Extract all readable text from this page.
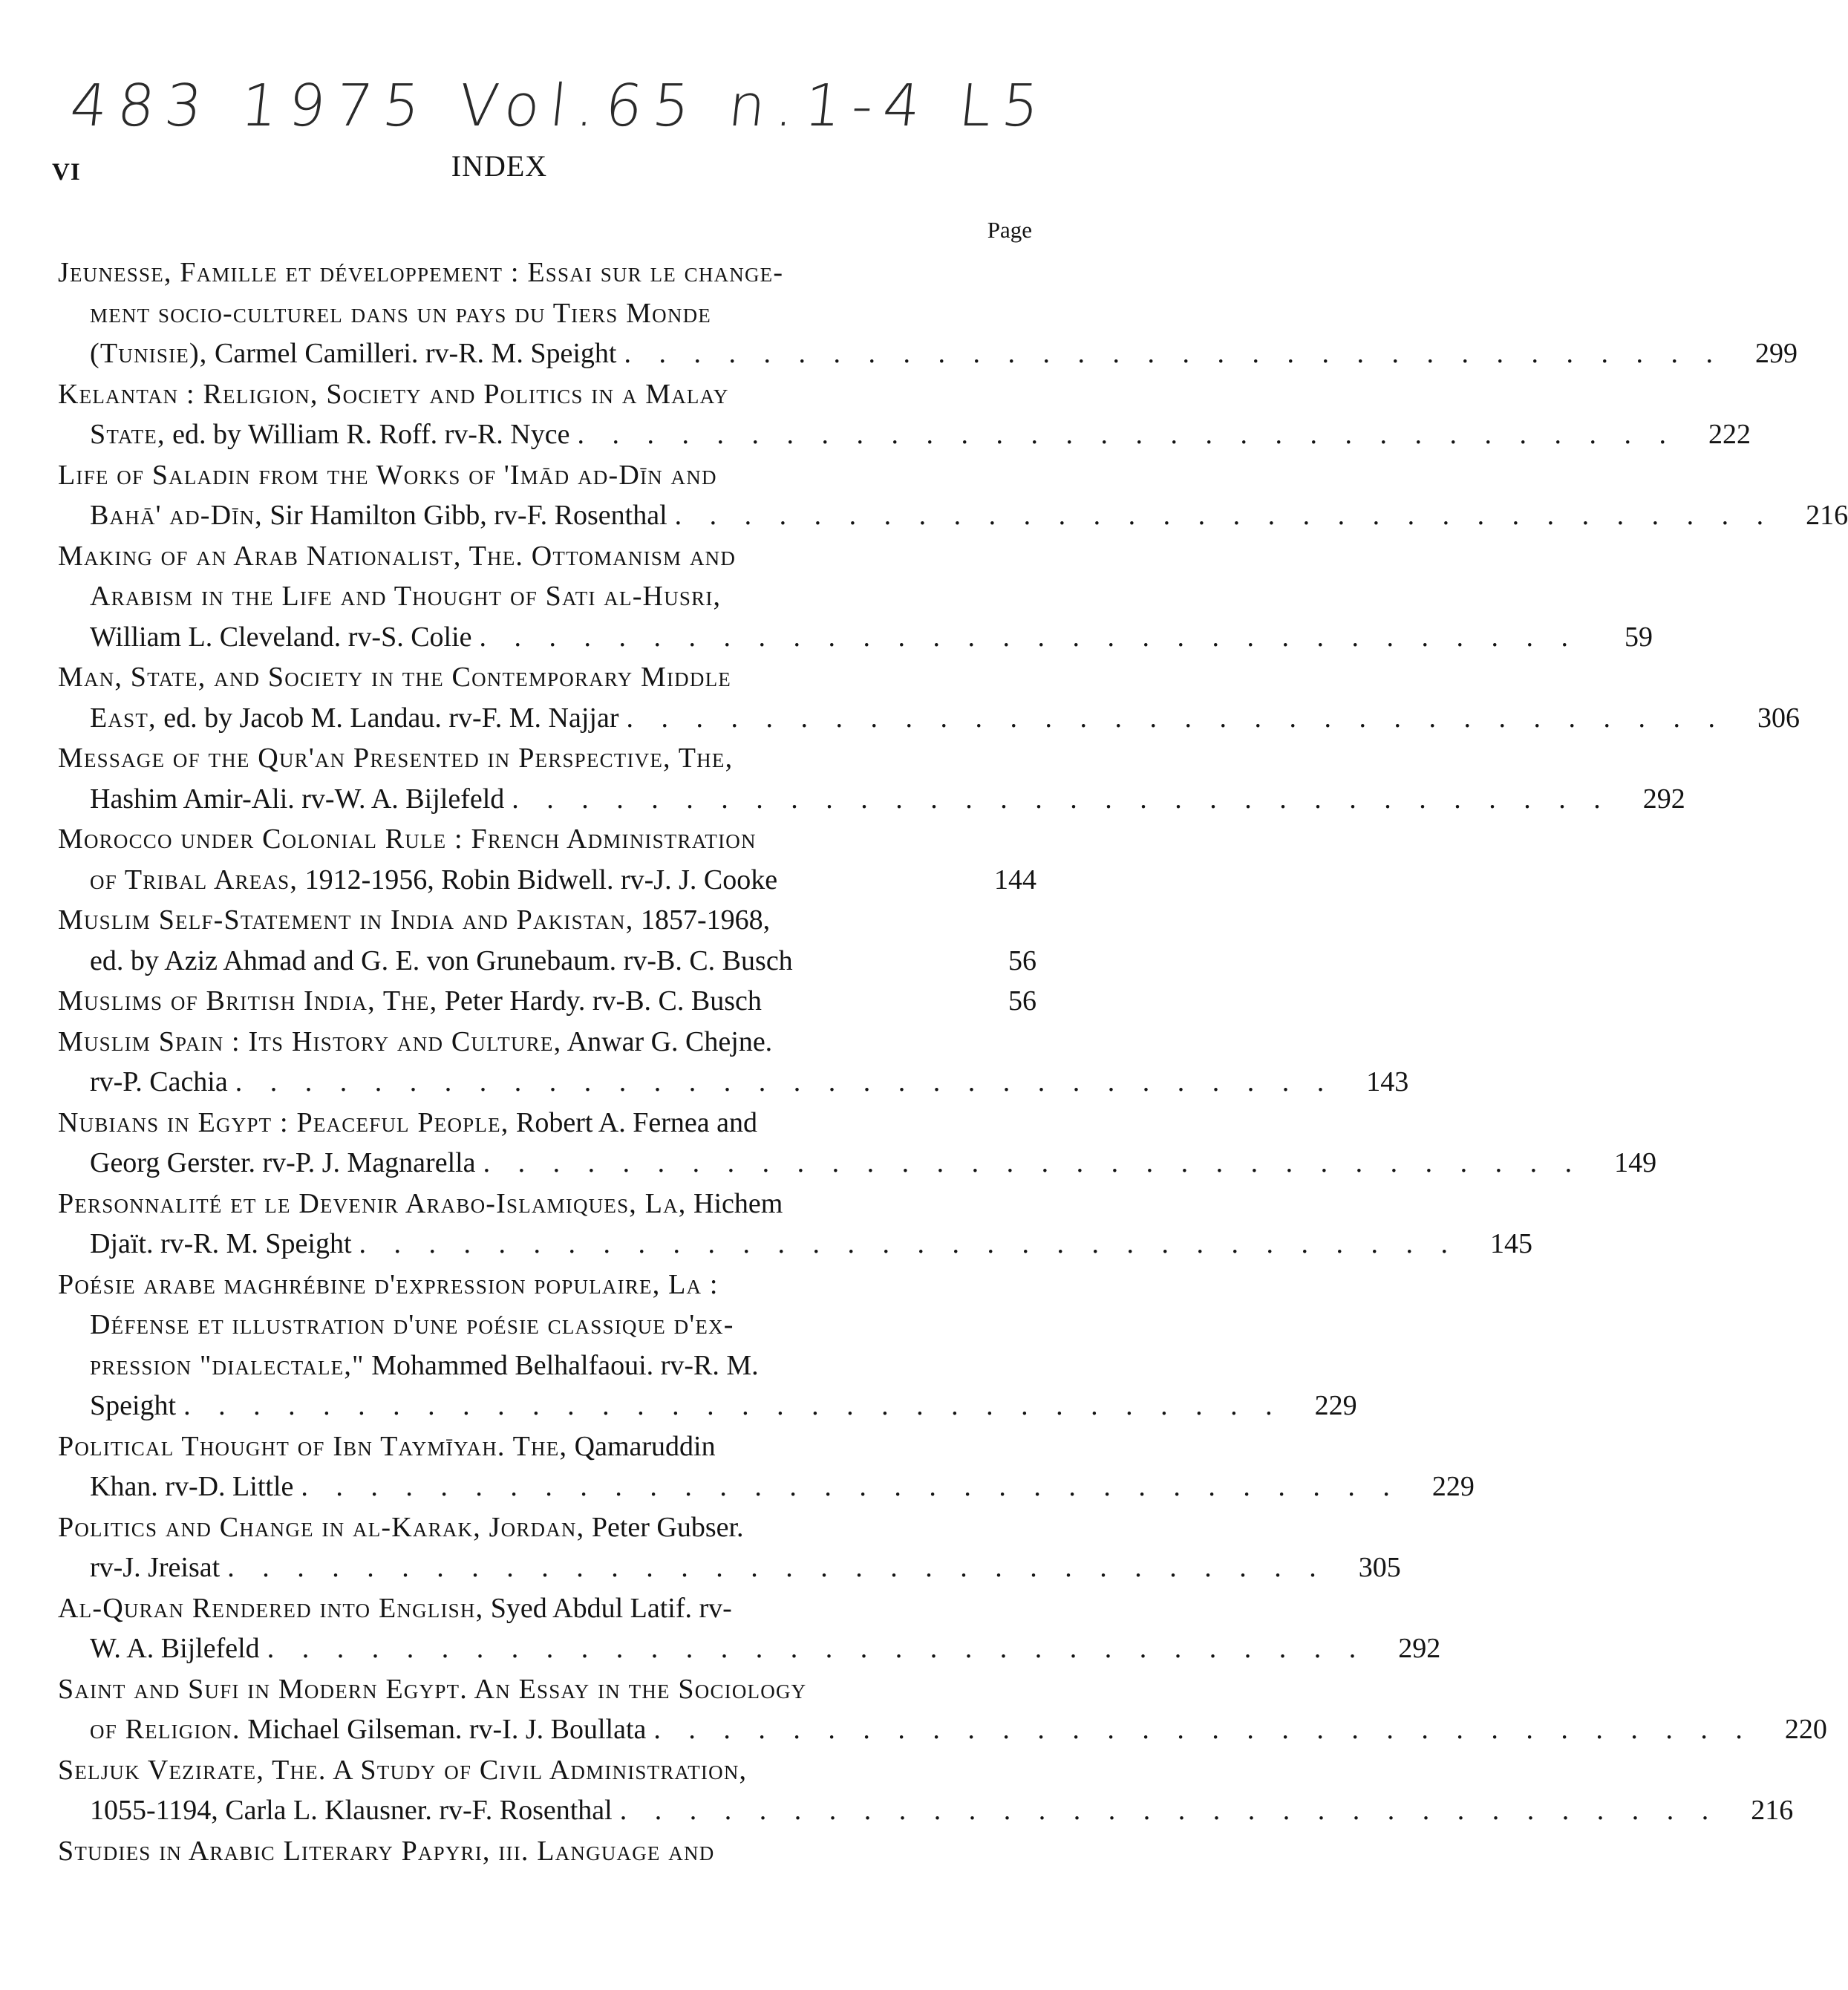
483 1975 Vol.65 n.1-4 L5
VI	INDEX
Page
Jeunesse, Famille et développement : Essai sur le change-
ment socio-culturel dans un pays du Tiers Monde
(Tunisie), Carmel Camilleri. rv-R. M. Speight . . . . . . . . . . . . . . . . . . . . . . . . . . . . . . . .	299
Kelantan : Religion, Society and Politics in a Malay
State, ed. by William R. Roff. rv-R. Nyce . . . . . . . . . . . . . . . . . . . . . . . . . . . . . . . .	222
Life of Saladin from the Works of 'Imād ad-Dīn and
Bahā' ad-Dīn, Sir Hamilton Gibb, rv-F. Rosenthal . . . . . . . . . . . . . . . . . . . . . . . . . . . . . . . .	216
Making of an Arab Nationalist, The. Ottomanism and
Arabism in the Life and Thought of Sati al-Husri,
William L. Cleveland. rv-S. Colie . . . . . . . . . . . . . . . . . . . . . . . . . . . . . . . .	59
Man, State, and Society in the Contemporary Middle
East, ed. by Jacob M. Landau. rv-F. M. Najjar . . . . . . . . . . . . . . . . . . . . . . . . . . . . . . . .	306
Message of the Qur'an Presented in Perspective, The,
Hashim Amir-Ali. rv-W. A. Bijlefeld . . . . . . . . . . . . . . . . . . . . . . . . . . . . . . . .	292
Morocco under Colonial Rule : French Administration
of Tribal Areas, 1912-1956, Robin Bidwell. rv-J. J. Cooke	144
Muslim Self-Statement in India and Pakistan, 1857-1968,
ed. by Aziz Ahmad and G. E. von Grunebaum. rv-B. C. Busch	56
Muslims of British India, The, Peter Hardy. rv-B. C. Busch	56
Muslim Spain : Its History and Culture, Anwar G. Chejne.
rv-P. Cachia . . . . . . . . . . . . . . . . . . . . . . . . . . . . . . . .	143
Nubians in Egypt : Peaceful People, Robert A. Fernea and
Georg Gerster. rv-P. J. Magnarella . . . . . . . . . . . . . . . . . . . . . . . . . . . . . . . .	149
Personnalité et le Devenir Arabo-Islamiques, La, Hichem
Djaït. rv-R. M. Speight . . . . . . . . . . . . . . . . . . . . . . . . . . . . . . . .	145
Poésie arabe maghrébine d'expression populaire, La :
Défense et illustration d'une poésie classique d'ex-
pression "dialectale," Mohammed Belhalfaoui. rv-R. M.
Speight . . . . . . . . . . . . . . . . . . . . . . . . . . . . . . . .	229
Political Thought of Ibn Taymīyah. The, Qamaruddin
Khan. rv-D. Little . . . . . . . . . . . . . . . . . . . . . . . . . . . . . . . .	229
Politics and Change in al-Karak, Jordan, Peter Gubser.
rv-J. Jreisat . . . . . . . . . . . . . . . . . . . . . . . . . . . . . . . .	305
Al-Quran Rendered into English, Syed Abdul Latif. rv-
W. A. Bijlefeld . . . . . . . . . . . . . . . . . . . . . . . . . . . . . . . .	292
Saint and Sufi in Modern Egypt. An Essay in the Sociology
of Religion. Michael Gilseman. rv-I. J. Boullata . . . . . . . . . . . . . . . . . . . . . . . . . . . . . . . .	220
Seljuk Vezirate, The. A Study of Civil Administration,
1055-1194, Carla L. Klausner. rv-F. Rosenthal . . . . . . . . . . . . . . . . . . . . . . . . . . . . . . . .	216
Studies in Arabic Literary Papyri, iii. Language and
